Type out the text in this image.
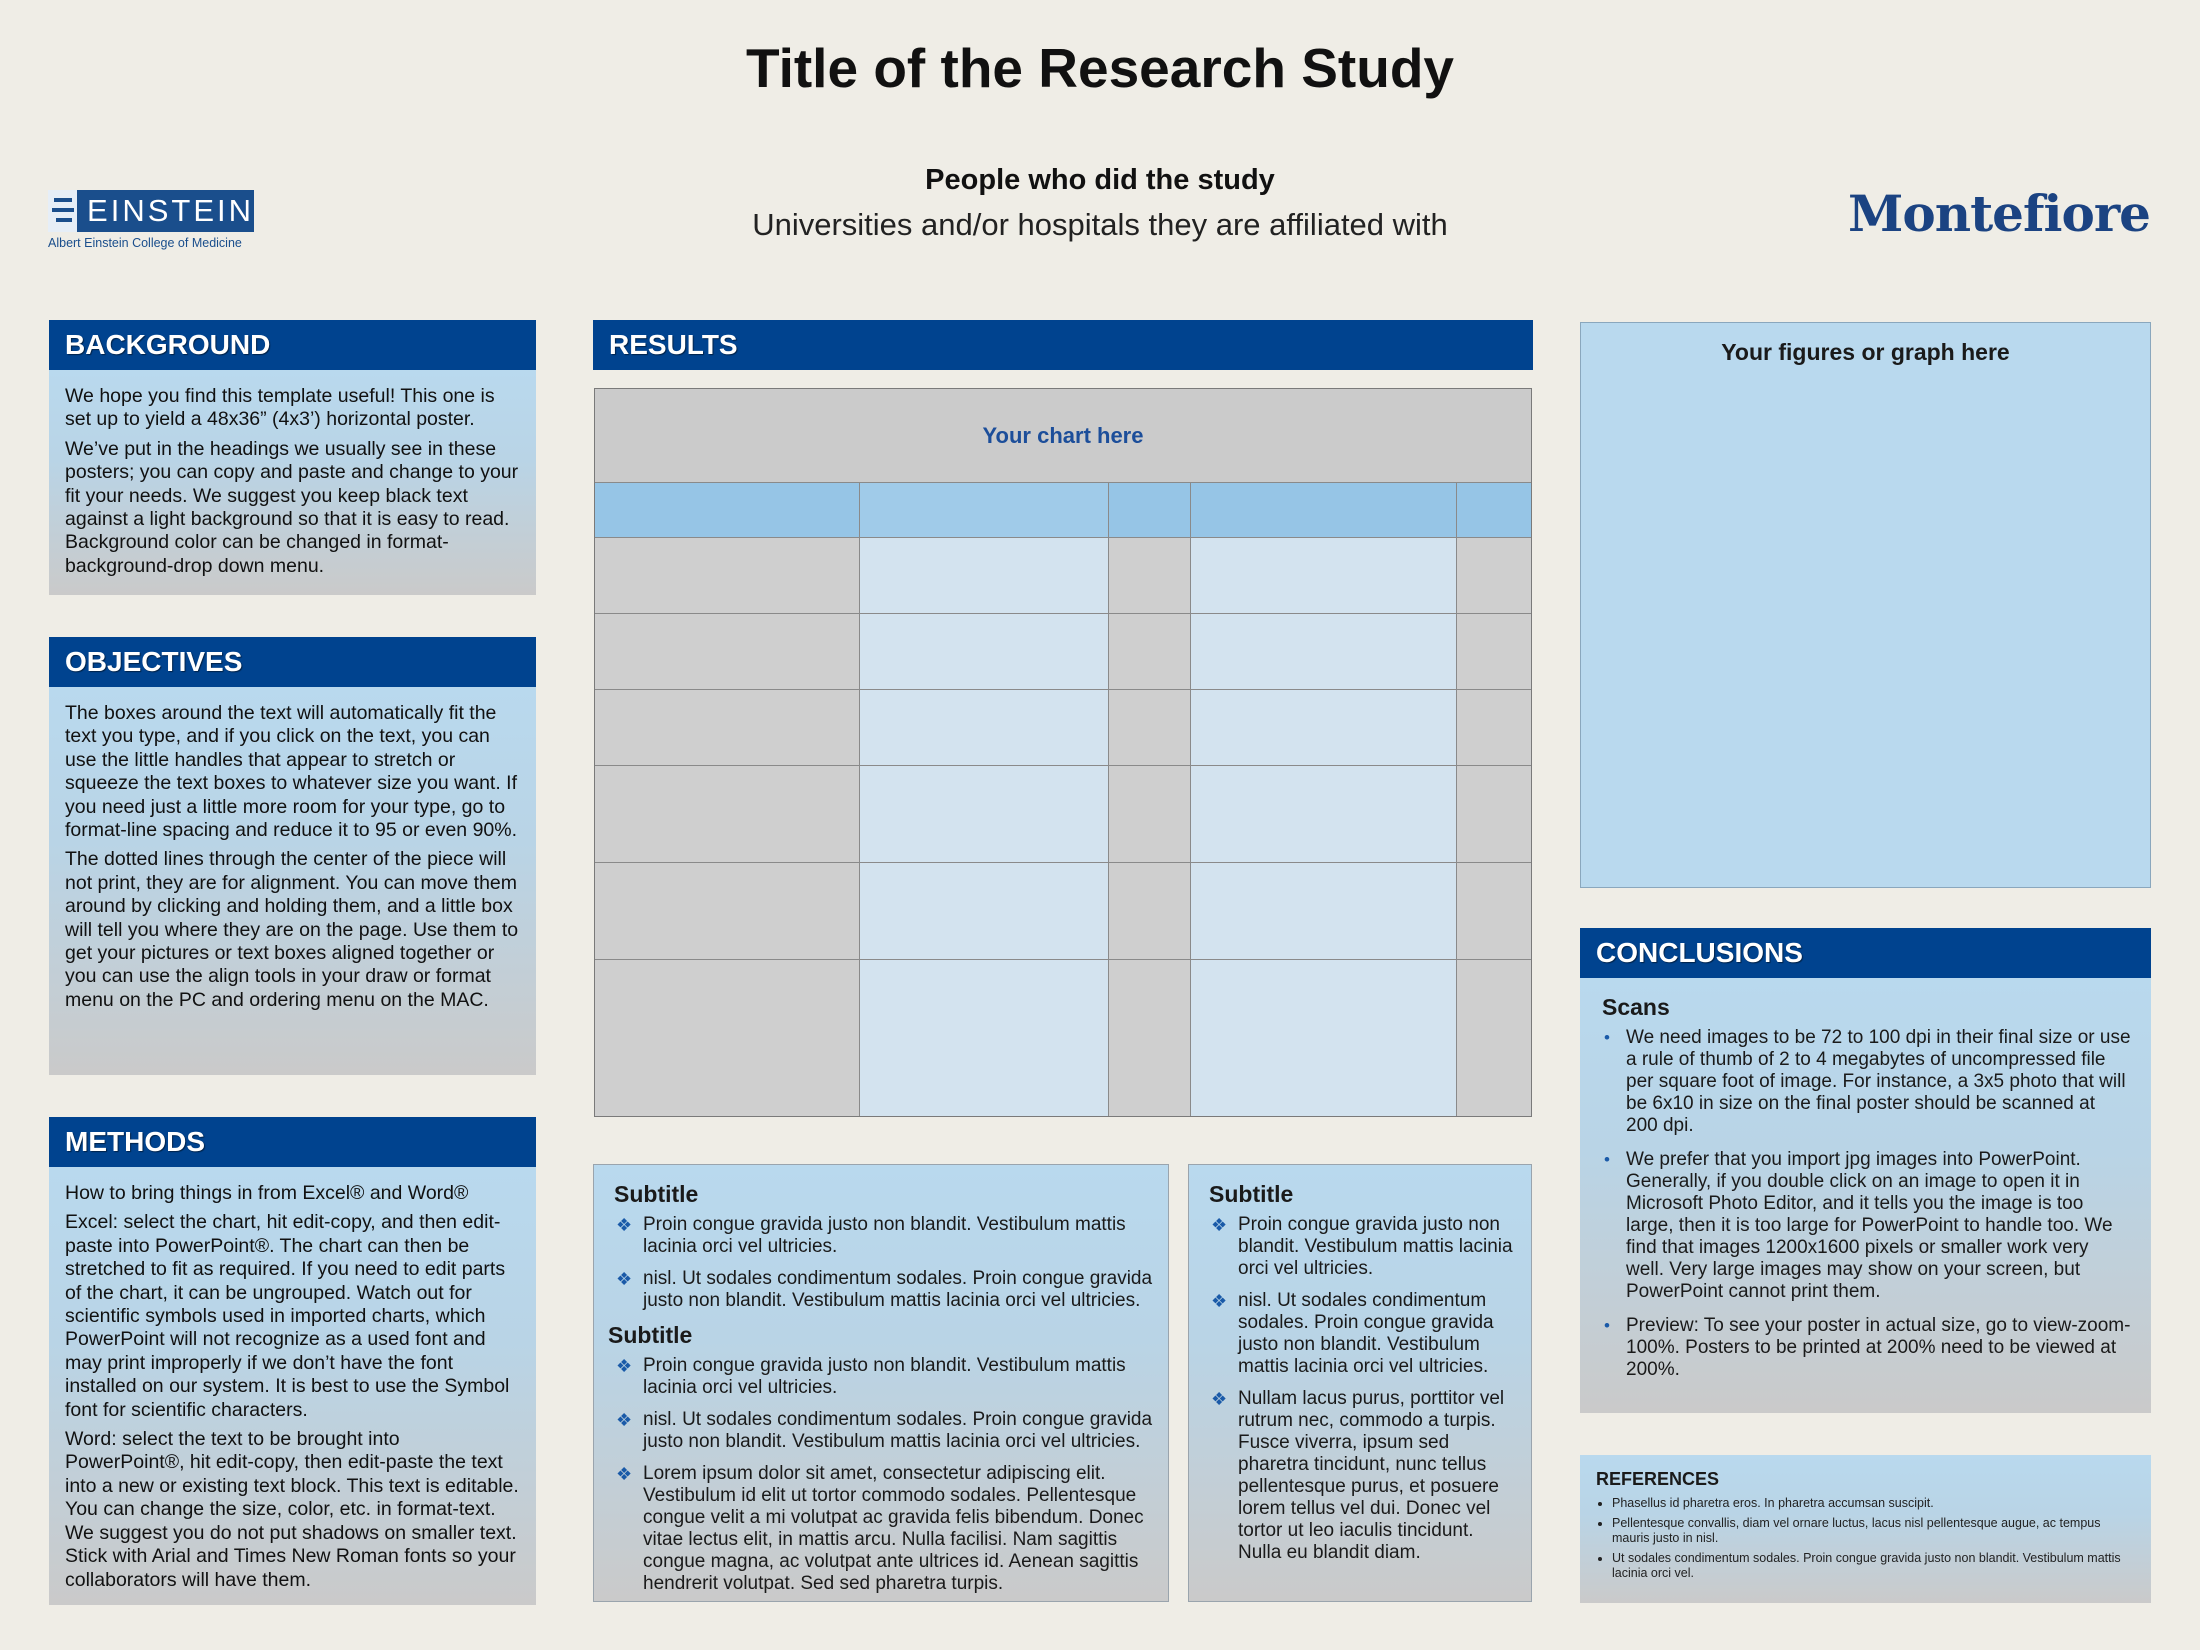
Title of the Research Study
People who did the study
Universities and/or hospitals they are affiliated with
EINSTEIN
Albert Einstein College of Medicine	Montefiore
BACKGROUND

We hope you find this template useful! This one is set up to yield a 48x36” (4x3’) horizontal poster.

We’ve put in the headings we usually see in these posters; you can copy and paste and change to your fit your needs. We suggest you keep black text against a light background so that it is easy to read. Background color can be changed in format-background-drop down menu.

OBJECTIVES

The boxes around the text will automatically fit the text you type, and if you click on the text, you can use the little handles that appear to stretch or squeeze the text boxes to whatever size you want. If you need just a little more room for your type, go to format-line spacing and reduce it to 95 or even 90%.

The dotted lines through the center of the piece will not print, they are for alignment. You can move them around by clicking and holding them, and a little box will tell you where they are on the page. Use them to get your pictures or text boxes aligned together or you can use the align tools in your draw or format menu on the PC and ordering menu on the MAC.

METHODS

How to bring things in from Excel® and Word®

Excel: select the chart, hit edit-copy, and then edit-paste into PowerPoint®. The chart can then be stretched to fit as required. If you need to edit parts of the chart, it can be ungrouped. Watch out for scientific symbols used in imported charts, which PowerPoint will not recognize as a used font and may print improperly if we don’t have the font installed on our system. It is best to use the Symbol font for scientific characters.

Word: select the text to be brought into PowerPoint®, hit edit-copy, then edit-paste the text into a new or existing text block. This text is editable. You can change the size, color, etc. in format-text. We suggest you do not put shadows on smaller text. Stick with Arial and Times New Roman fonts so your collaborators will have them.

RESULTS
Your chart here
Subtitle
❖ Proin congue gravida justo non blandit. Vestibulum mattis lacinia orci vel ultricies.
❖ nisl. Ut sodales condimentum sodales. Proin congue gravida justo non blandit. Vestibulum mattis lacinia orci vel ultricies.
Subtitle
❖ Proin congue gravida justo non blandit. Vestibulum mattis lacinia orci vel ultricies.
❖ nisl. Ut sodales condimentum sodales. Proin congue gravida justo non blandit. Vestibulum mattis lacinia orci vel ultricies.
❖ Lorem ipsum dolor sit amet, consectetur adipiscing elit. Vestibulum id elit ut tortor commodo sodales. Pellentesque congue velit a mi volutpat ac gravida felis bibendum. Donec vitae lectus elit, in mattis arcu. Nulla facilisi. Nam sagittis congue magna, ac volutpat ante ultrices id. Aenean sagittis hendrerit volutpat. Sed sed pharetra turpis.
Subtitle
❖ Proin congue gravida justo non blandit. Vestibulum mattis lacinia orci vel ultricies.
❖ nisl. Ut sodales condimentum sodales. Proin congue gravida justo non blandit. Vestibulum mattis lacinia orci vel ultricies.
❖ Nullam lacus purus, porttitor vel rutrum nec, commodo a turpis. Fusce viverra, ipsum sed pharetra tincidunt, nunc tellus pellentesque purus, et posuere lorem tellus vel dui. Donec vel tortor ut leo iaculis tincidunt. Nulla eu blandit diam.
Your figures or graph here
CONCLUSIONS
Scans
• We need images to be 72 to 100 dpi in their final size or use a rule of thumb of 2 to 4 megabytes of uncompressed file per square foot of image. For instance, a 3x5 photo that will be 6x10 in size on the final poster should be scanned at 200 dpi.
• We prefer that you import jpg images into PowerPoint. Generally, if you double click on an image to open it in Microsoft Photo Editor, and it tells you the image is too large, then it is too large for PowerPoint to handle too. We find that images 1200x1600 pixels or smaller work very well. Very large images may show on your screen, but PowerPoint cannot print them.
• Preview: To see your poster in actual size, go to view-zoom-100%. Posters to be printed at 200% need to be viewed at 200%.
REFERENCES
• Phasellus id pharetra eros. In pharetra accumsan suscipit.
• Pellentesque convallis, diam vel ornare luctus, lacus nisl pellentesque augue, ac tempus mauris justo in nisl.
• Ut sodales condimentum sodales. Proin congue gravida justo non blandit. Vestibulum mattis lacinia orci vel.
